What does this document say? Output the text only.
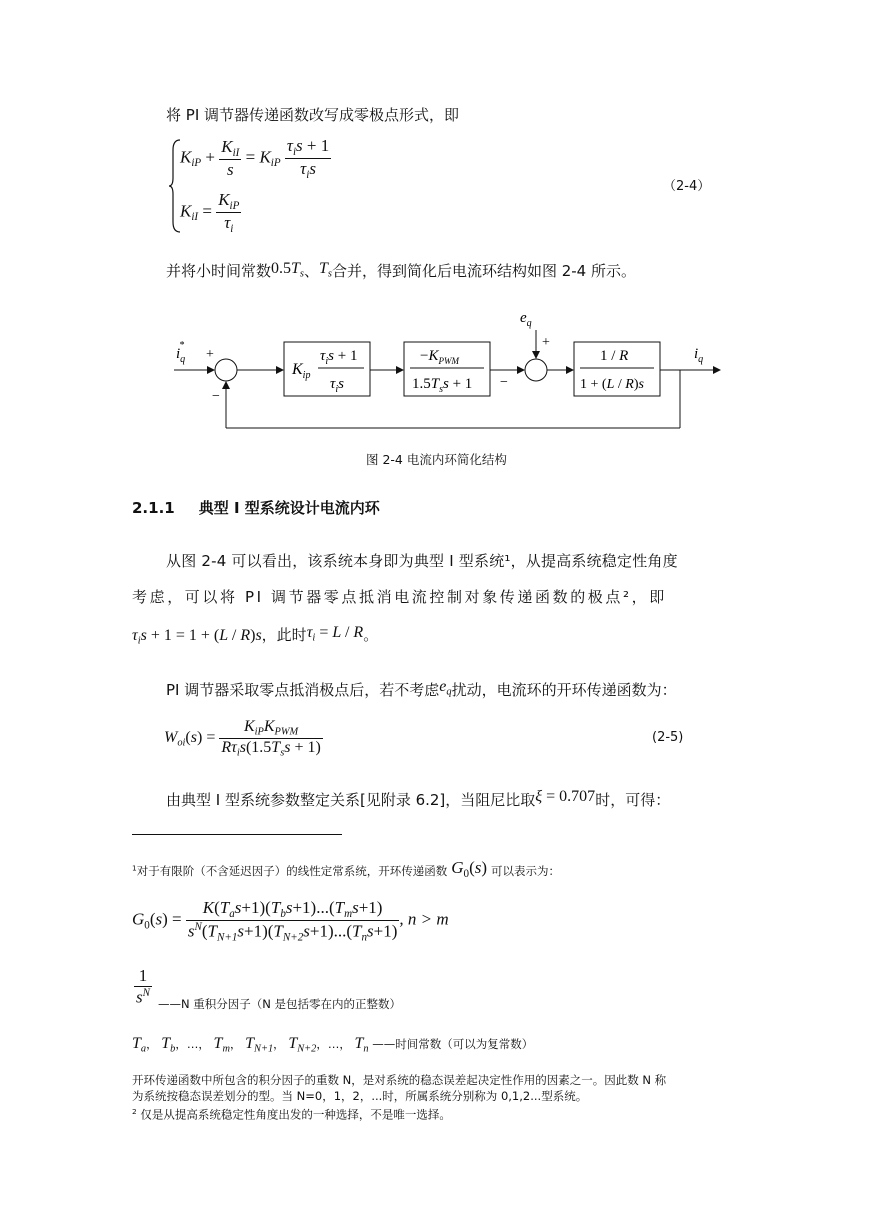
将 PI 调节器传递函数改写成零极点形式，即
$K_{iP} + \frac{K_{iI}}{s} = K_{iP} \frac{\tau_is + 1}{\tau_is}$
$K_{iI} = \frac{K_{iP}}{\tau_i}$
（2-4）
并将小时间常数$0.5T_s$、$T_s$合并，得到简化后电流环结构如图 2-4 所示。
$i_q*$
+
−
$K_{ip}$
$\tau_is + 1$
$\tau_is$
$-K_{PWM}$
$1.5T_ss + 1$ −
$e_q$
+
1 / R
1 + (L / R)s
$i_q$
图 2-4 电流内环简化结构
2.1.1 典型 I 型系统设计电流内环
从图 2-4 可以看出，该系统本身即为典型 I 型系统¹，从提高系统稳定性角度
考虑，可以将 PI 调节器零点抵消电流控制对象传递函数的极点²，即
$\tau_is + 1 = 1 + (L / R)s$，此时$\tau_i = L / R$。
PI 调节器采取零点抵消极点后，若不考虑$e_q$扰动，电流环的开环传递函数为：
$W_{oi}(s) = \frac{K_{iP}K_{PWM}}{R\tau_is(1.5T_ss + 1)}$	(2-5)
由典型 I 型系统参数整定关系[见附录 6.2]，当阻尼比取ξ = 0.707时，可得：
$^1$对于有限阶（不含延迟因子）的线性定常系统，开环传递函数 $G_0(s)$ 可以表示为：
$G_0(s) = \frac{K(T_as+1)(T_bs+1)...(T_ms+1)}{s^N(T_{N+1}s+1)(T_{N+2}s+1)...(T_ns+1)}$ , n > m
$\frac{1}{s^N}$ ——N 重积分因子（N 是包括零在内的正整数）
$T_a$， $T_b$，…， $T_m$， $T_{N+1}$， $T_{N+2}$，…， $T_n$ ——时间常数（可以为复常数）
开环传递函数中所包含的积分因子的重数 N，是对系统的稳态误差起决定性作用的因素之一。因此数 N 称
为系统按稳态误差划分的型。当 N=0，1，2，...时，所属系统分别称为 0,1,2...型系统。
$^2$ 仅是从提高系统稳定性角度出发的一种选择，不是唯一选择。
